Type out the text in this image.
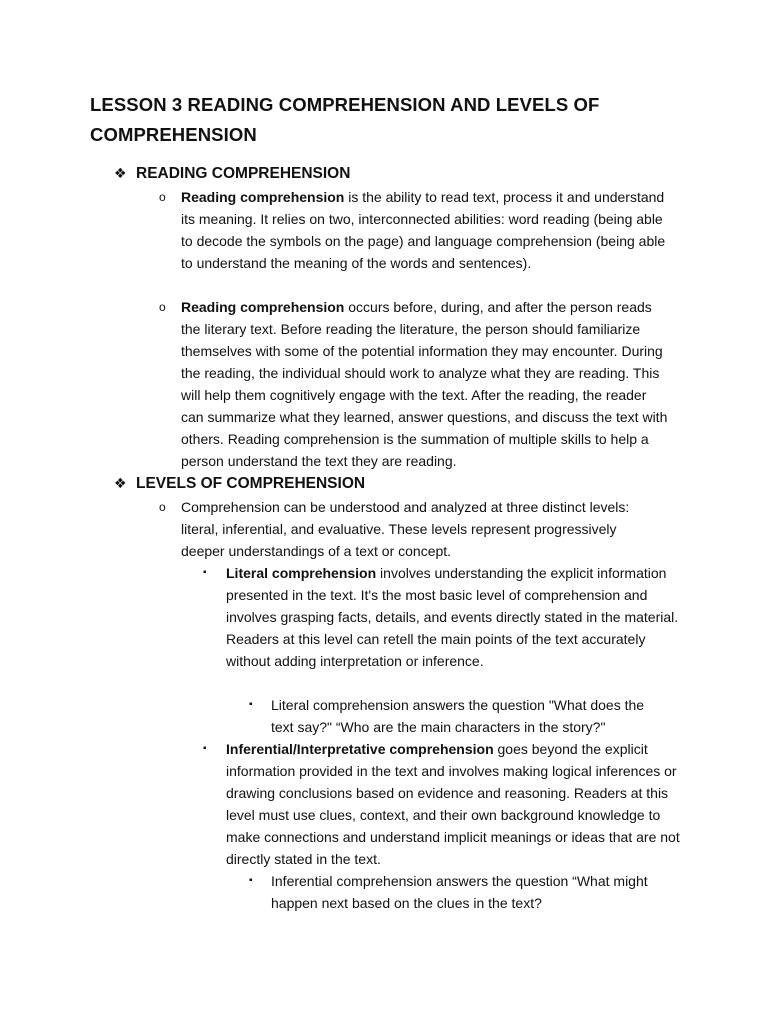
LESSON 3 READING COMPREHENSION AND LEVELS OF COMPREHENSION
❖ READING COMPREHENSION
o Reading comprehension is the ability to read text, process it and understand its meaning. It relies on two, interconnected abilities: word reading (being able to decode the symbols on the page) and language comprehension (being able to understand the meaning of the words and sentences).
o Reading comprehension occurs before, during, and after the person reads the literary text. Before reading the literature, the person should familiarize themselves with some of the potential information they may encounter. During the reading, the individual should work to analyze what they are reading. This will help them cognitively engage with the text. After the reading, the reader can summarize what they learned, answer questions, and discuss the text with others. Reading comprehension is the summation of multiple skills to help a person understand the text they are reading.
❖ LEVELS OF COMPREHENSION
o Comprehension can be understood and analyzed at three distinct levels: literal, inferential, and evaluative. These levels represent progressively deeper understandings of a text or concept.
▪ Literal comprehension involves understanding the explicit information presented in the text. It's the most basic level of comprehension and involves grasping facts, details, and events directly stated in the material. Readers at this level can retell the main points of the text accurately without adding interpretation or inference.
▪ Literal comprehension answers the question "What does the text say?" “Who are the main characters in the story?"
▪ Inferential/Interpretative comprehension goes beyond the explicit information provided in the text and involves making logical inferences or drawing conclusions based on evidence and reasoning. Readers at this level must use clues, context, and their own background knowledge to make connections and understand implicit meanings or ideas that are not directly stated in the text.
▪ Inferential comprehension answers the question “What might happen next based on the clues in the text?
